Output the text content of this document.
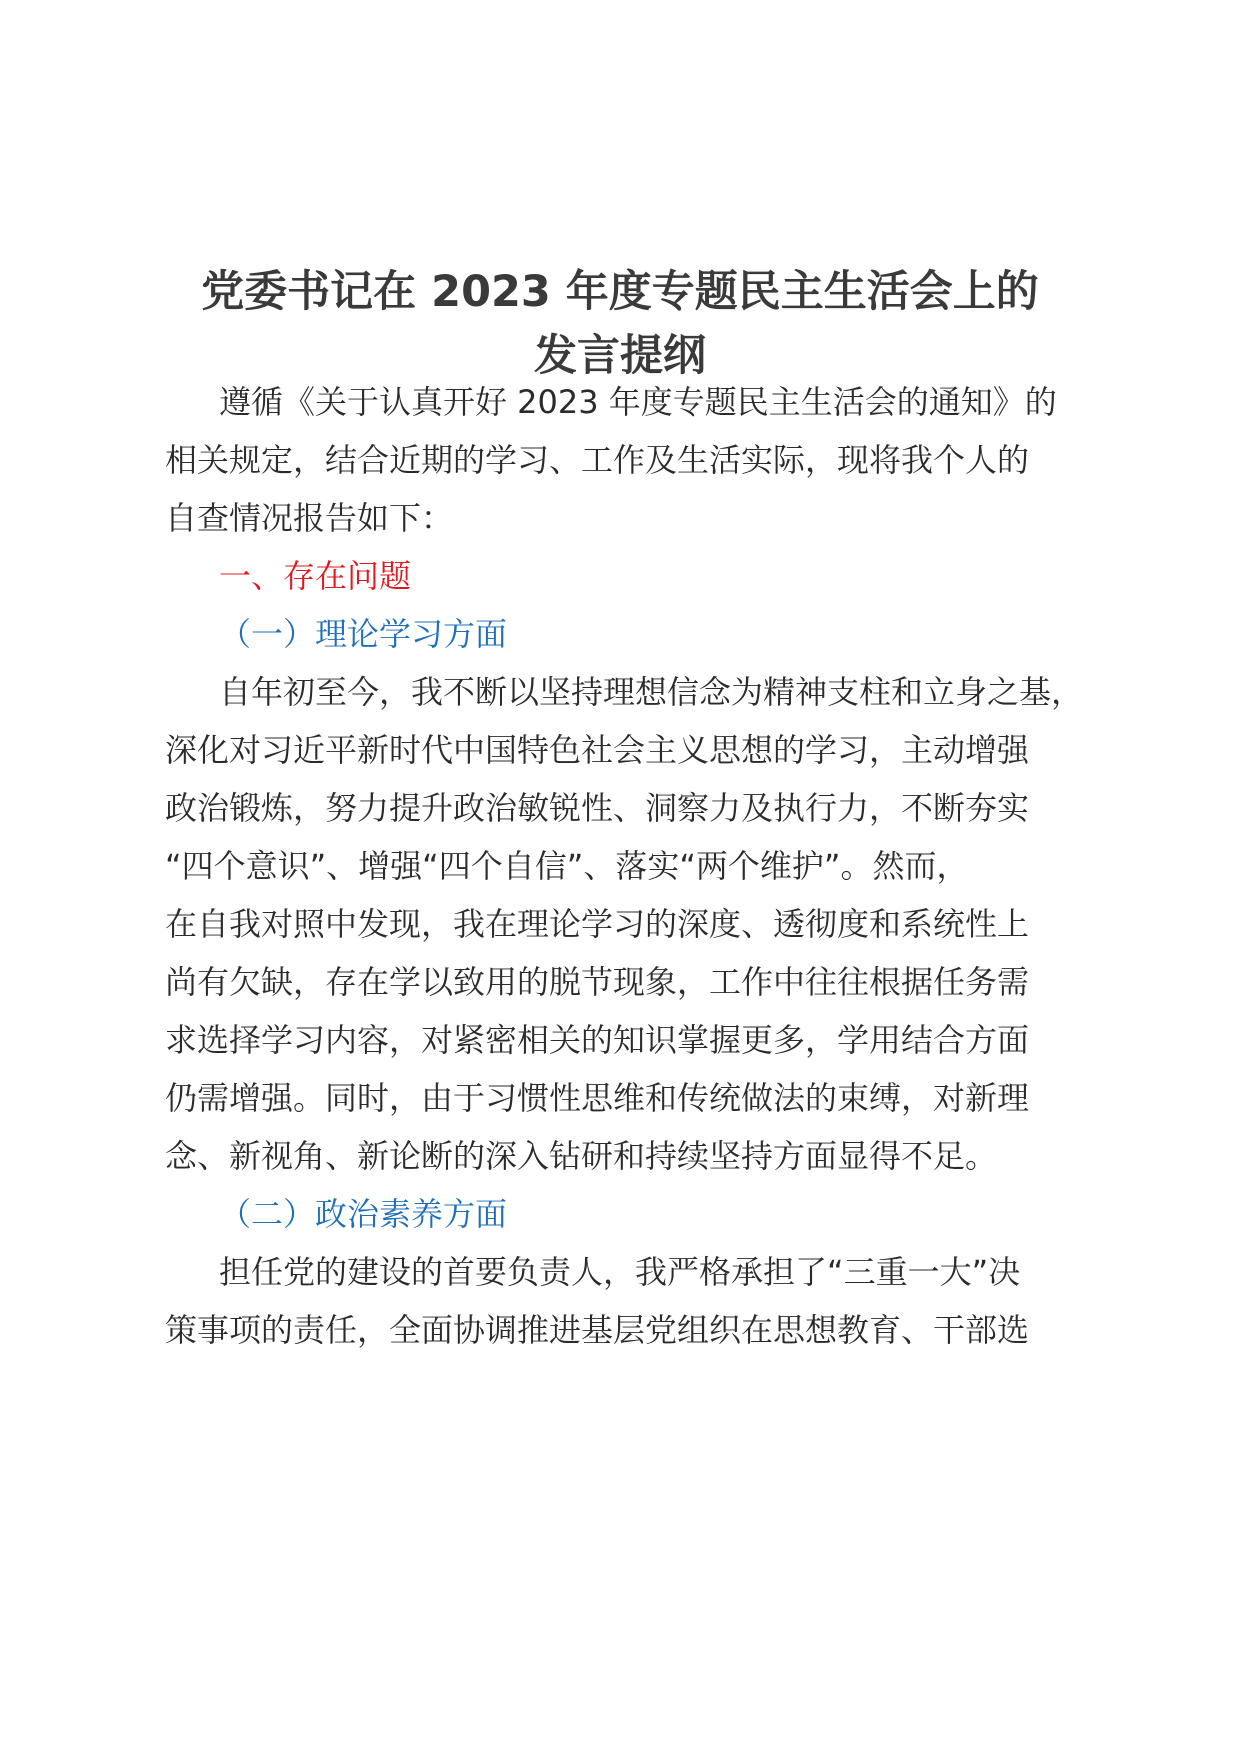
党委书记在 2023 年度专题民主生活会上的
发言提纲
遵循《关于认真开好 2023 年度专题民主生活会的通知》的
相关规定，结合近期的学习、工作及生活实际，现将我个人的
自查情况报告如下：
一、存在问题
（一）理论学习方面
自年初至今，我不断以坚持理想信念为精神支柱和立身之基，
深化对习近平新时代中国特色社会主义思想的学习，主动增强
政治锻炼，努力提升政治敏锐性、洞察力及执行力，不断夯实
“四个意识”、增强“四个自信”、落实“两个维护”。然而，
在自我对照中发现，我在理论学习的深度、透彻度和系统性上
尚有欠缺，存在学以致用的脱节现象，工作中往往根据任务需
求选择学习内容，对紧密相关的知识掌握更多，学用结合方面
仍需增强。同时，由于习惯性思维和传统做法的束缚，对新理
念、新视角、新论断的深入钻研和持续坚持方面显得不足。
（二）政治素养方面
担任党的建设的首要负责人，我严格承担了“三重一大”决
策事项的责任，全面协调推进基层党组织在思想教育、干部选
